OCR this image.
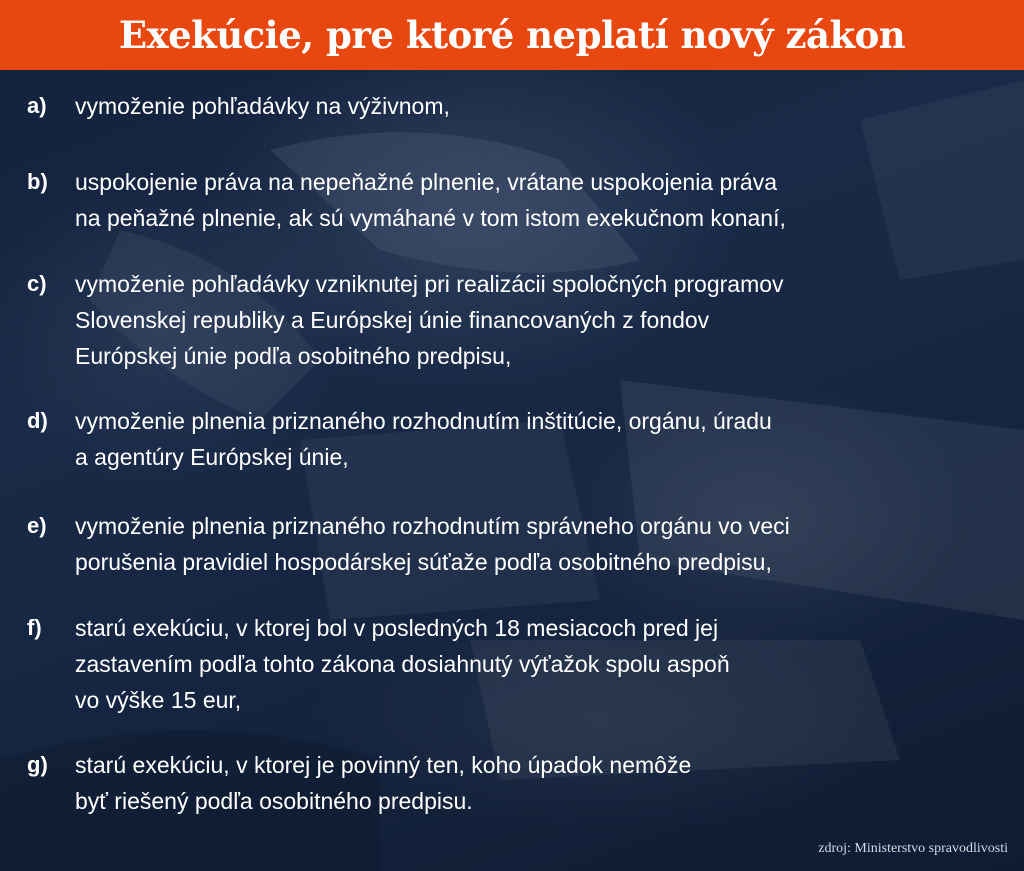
Exekúcie, pre ktoré neplatí nový zákon
a)	vymoženie pohľadávky na výživnom,
b)	uspokojenie práva na nepeňažné plnenie, vrátane uspokojenia práva
na peňažné plnenie, ak sú vymáhané v tom istom exekučnom konaní,
c)	vymoženie pohľadávky vzniknutej pri realizácii spoločných programov
Slovenskej republiky a Európskej únie financovaných z fondov
Európskej únie podľa osobitného predpisu,
d)	vymoženie plnenia priznaného rozhodnutím inštitúcie, orgánu, úradu
a agentúry Európskej únie,
e)	vymoženie plnenia priznaného rozhodnutím správneho orgánu vo veci
porušenia pravidiel hospodárskej súťaže podľa osobitného predpisu,
f)	starú exekúciu, v ktorej bol v posledných 18 mesiacoch pred jej
zastavením podľa tohto zákona dosiahnutý výťažok spolu aspoň
vo výške 15 eur,
g)	starú exekúciu, v ktorej je povinný ten, koho úpadok nemôže
byť riešený podľa osobitného predpisu.
zdroj: Ministerstvo spravodlivosti
